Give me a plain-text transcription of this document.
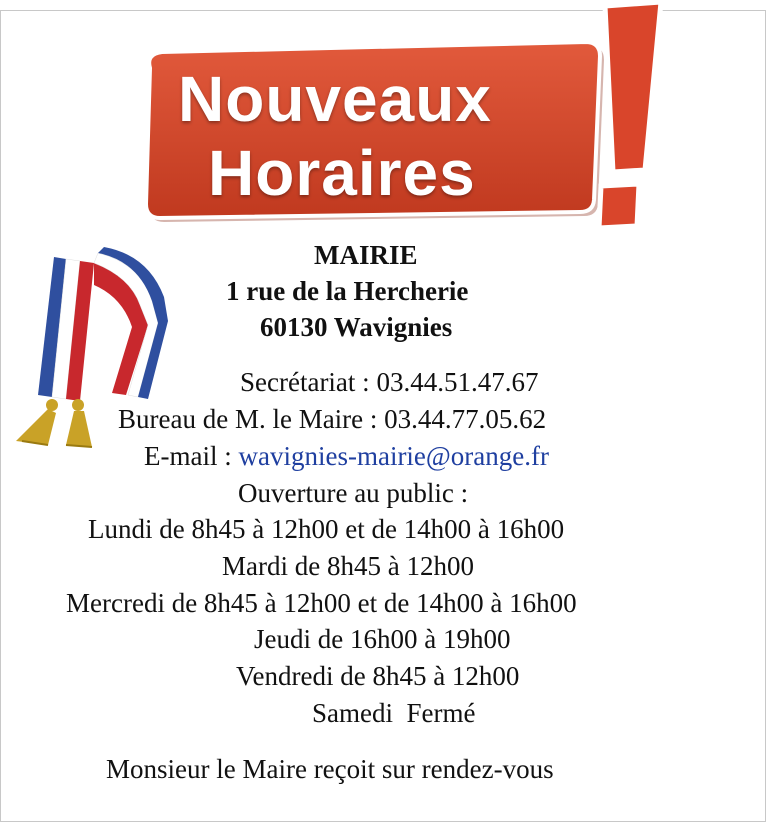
Nouveaux
Horaires
MAIRIE
1 rue de la Hercherie
60130 Wavignies
Secrétariat : 03.44.51.47.67
Bureau de M. le Maire : 03.44.77.05.62
E-mail : wavignies-mairie@orange.fr
Ouverture au public :
Lundi de 8h45 à 12h00 et de 14h00 à 16h00
Mardi de 8h45 à 12h00
Mercredi de 8h45 à 12h00 et de 14h00 à 16h00
Jeudi de 16h00 à 19h00
Vendredi de 8h45 à 12h00
Samedi  Fermé
Monsieur le Maire reçoit sur rendez-vous
